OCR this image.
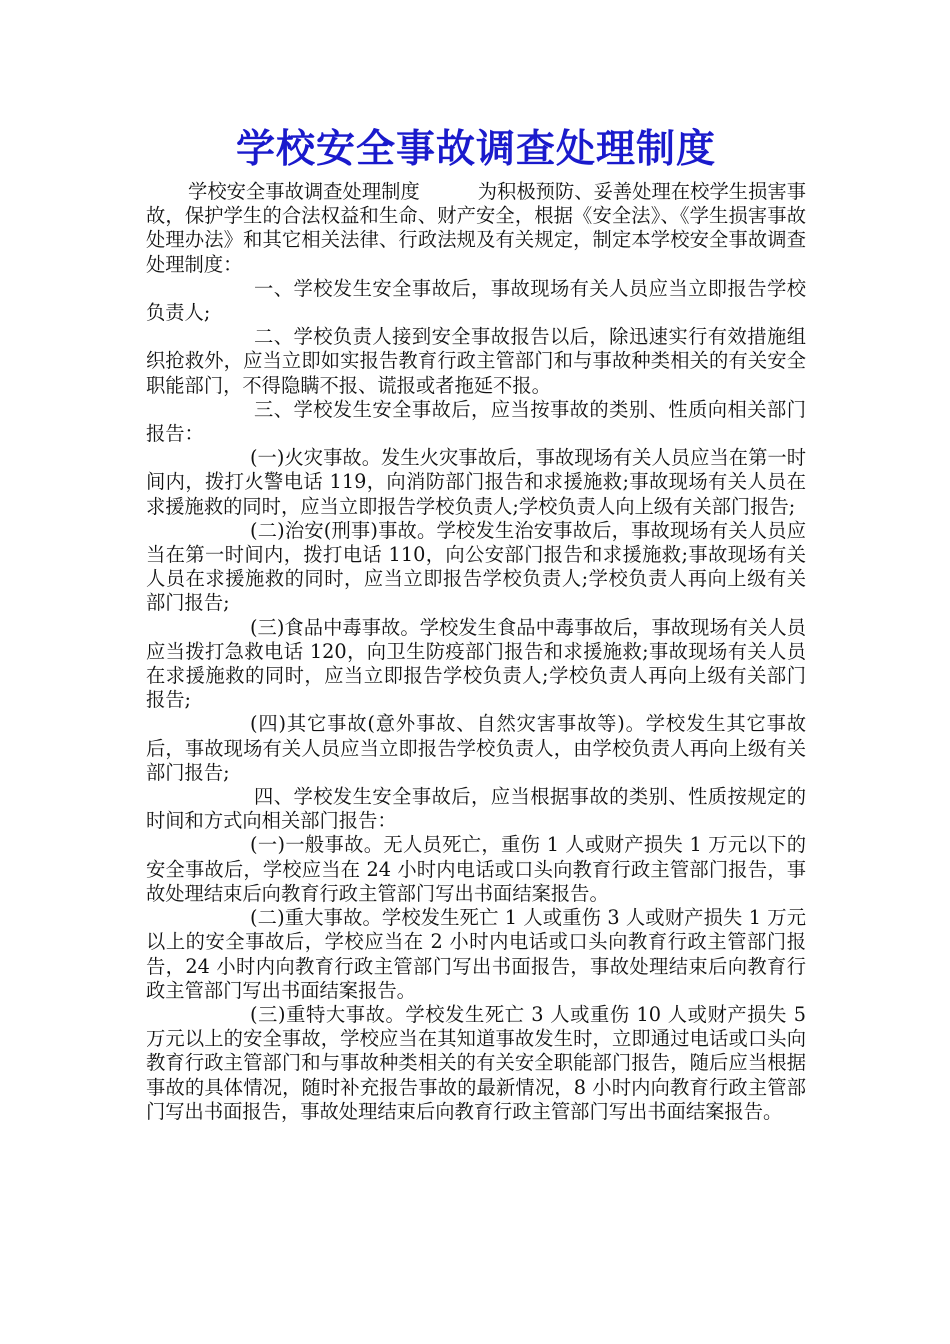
学校安全事故调查处理制度

学校安全事故调查处理制度　　　为积极预防、妥善处理在校学生损害事故，保护学生的合法权益和生命、财产安全，根据《安全法》、《学生损害事故处理办法》和其它相关法律、行政法规及有关规定，制定本学校安全事故调查处理制度：

一、学校发生安全事故后，事故现场有关人员应当立即报告学校负责人;

二、学校负责人接到安全事故报告以后，除迅速实行有效措施组织抢救外，应当立即如实报告教育行政主管部门和与事故种类相关的有关安全职能部门，不得隐瞒不报、谎报或者拖延不报。

三、学校发生安全事故后，应当按事故的类别、性质向相关部门报告：

(一)火灾事故。发生火灾事故后，事故现场有关人员应当在第一时间内，拨打火警电话 119，向消防部门报告和求援施救;事故现场有关人员在求援施救的同时，应当立即报告学校负责人;学校负责人向上级有关部门报告;

(二)治安(刑事)事故。学校发生治安事故后，事故现场有关人员应当在第一时间内，拨打电话 110，向公安部门报告和求援施救;事故现场有关人员在求援施救的同时，应当立即报告学校负责人;学校负责人再向上级有关部门报告;

(三)食品中毒事故。学校发生食品中毒事故后，事故现场有关人员应当拨打急救电话 120，向卫生防疫部门报告和求援施救;事故现场有关人员在求援施救的同时，应当立即报告学校负责人;学校负责人再向上级有关部门报告;

(四)其它事故(意外事故、自然灾害事故等)。学校发生其它事故后，事故现场有关人员应当立即报告学校负责人，由学校负责人再向上级有关部门报告;

四、学校发生安全事故后，应当根据事故的类别、性质按规定的时间和方式向相关部门报告：

(一)一般事故。无人员死亡，重伤 1 人或财产损失 1 万元以下的安全事故后，学校应当在 24 小时内电话或口头向教育行政主管部门报告，事故处理结束后向教育行政主管部门写出书面结案报告。

(二)重大事故。学校发生死亡 1 人或重伤 3 人或财产损失 1 万元以上的安全事故后，学校应当在 2 小时内电话或口头向教育行政主管部门报告，24 小时内向教育行政主管部门写出书面报告，事故处理结束后向教育行政主管部门写出书面结案报告。

(三)重特大事故。学校发生死亡 3 人或重伤 10 人或财产损失 5 万元以上的安全事故，学校应当在其知道事故发生时，立即通过电话或口头向教育行政主管部门和与事故种类相关的有关安全职能部门报告，随后应当根据事故的具体情况，随时补充报告事故的最新情况，8 小时内向教育行政主管部门写出书面报告，事故处理结束后向教育行政主管部门写出书面结案报告。
